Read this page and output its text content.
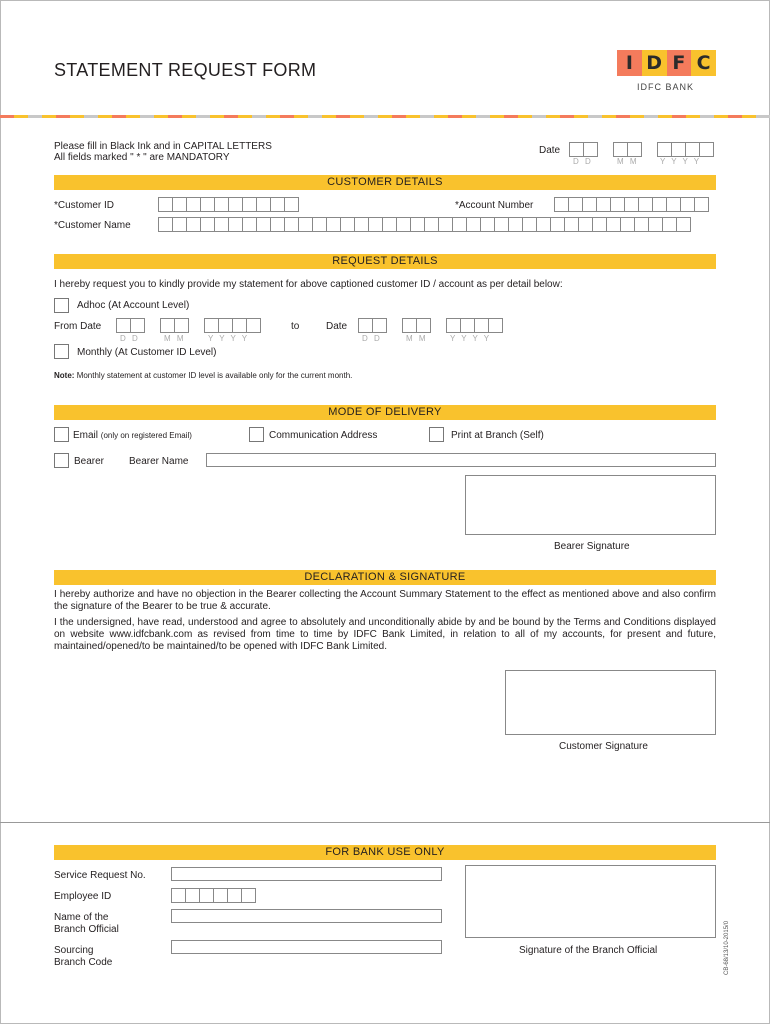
STATEMENT REQUEST FORM	I D F C
IDFC BANK
Please fill in Black Ink and in CAPITAL LETTERS
All fields marked " * " are MANDATORY
Date
D D	M M	Y Y Y Y
CUSTOMER DETAILS
*Customer ID	*Account Number
*Customer Name
REQUEST DETAILS
I hereby request you to kindly provide my statement for above captioned customer ID / account as per detail below:
Adhoc (At Account Level)
From Date
D D	M M	Y Y Y Y
to	Date
D D	M M	Y Y Y Y
Monthly (At Customer ID Level)
Note: Monthly statement at customer ID level is available only for the current month.
MODE OF DELIVERY
Email (only on registered Email)	Communication Address	Print at Branch (Self)
Bearer Bearer Name
Bearer Signature
DECLARATION & SIGNATURE
I hereby authorize and have no objection in the Bearer collecting the Account Summary Statement to the effect as mentioned above and also confirm the signature of the Bearer to be true & accurate.
I the undersigned, have read, understood and agree to absolutely and unconditionally abide by and be bound by the Terms and Conditions displayed on website www.idfcbank.com as revised from time to time by IDFC Bank Limited, in relation to all of my accounts, for present and future, maintained/opened/to be maintained/to be opened with IDFC Bank Limited.
Customer Signature
FOR BANK USE ONLY
Service Request No.
Employee ID
Name of the
Branch Official
Sourcing
Branch Code
Signature of the Branch Official	CB-68/13/10-2015/0
